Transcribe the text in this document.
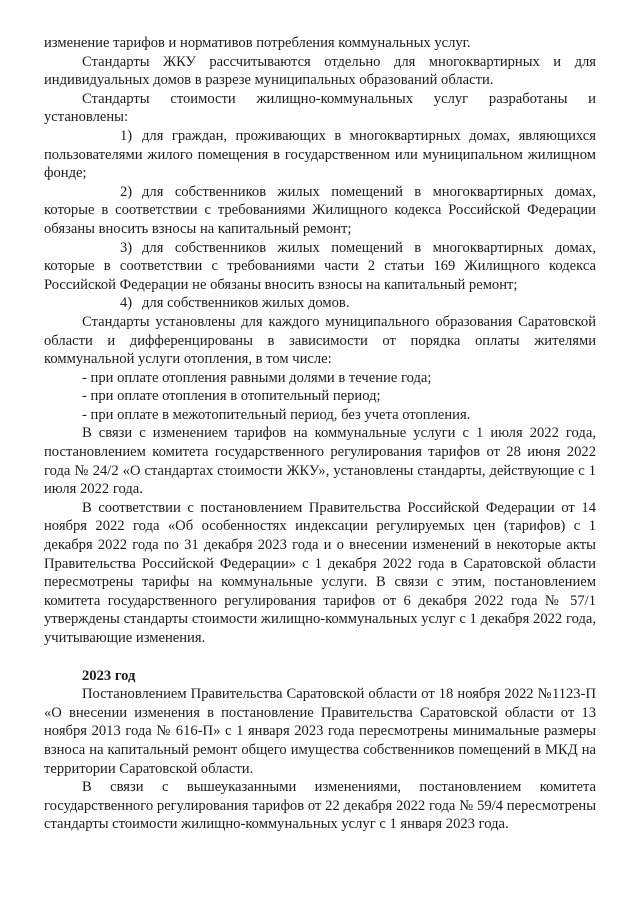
изменение тарифов и нормативов потребления коммунальных услуг.

Стандарты ЖКУ рассчитываются отдельно для многоквартирных и для индивидуальных домов в разрезе муниципальных образований области.

Стандарты стоимости жилищно-коммунальных услуг разработаны и установлены:

1) для граждан, проживающих в многоквартирных домах, являющихся пользователями жилого помещения в государственном или муниципальном жилищном фонде;

2) для собственников жилых помещений в многоквартирных домах, которые в соответствии с требованиями Жилищного кодекса Российской Федерации обязаны вносить взносы на капитальный ремонт;

3) для собственников жилых помещений в многоквартирных домах, которые в соответствии с требованиями части 2 статьи 169 Жилищного кодекса Российской Федерации не обязаны вносить взносы на капитальный ремонт;

4) для собственников жилых домов.

Стандарты установлены для каждого муниципального образования Саратовской области и дифференцированы в зависимости от порядка оплаты жителями коммунальной услуги отопления, в том числе:

- при оплате отопления равными долями в течение года;

- при оплате отопления в отопительный период;

- при оплате в межотопительный период, без учета отопления.

В связи с изменением тарифов на коммунальные услуги с 1 июля 2022 года, постановлением комитета государственного регулирования тарифов от 28 июня 2022 года № 24/2 «О стандартах стоимости ЖКУ», установлены стандарты, действующие с 1 июля 2022 года.

В соответствии с постановлением Правительства Российской Федерации от 14 ноября 2022 года «Об особенностях индексации регулируемых цен (тарифов) с 1 декабря 2022 года по 31 декабря 2023 года и о внесении изменений в некоторые акты Правительства Российской Федерации» с 1 декабря 2022 года в Саратовской области пересмотрены тарифы на коммунальные услуги. В связи с этим, постановлением комитета государственного регулирования тарифов от 6 декабря 2022 года № 57/1 утверждены стандарты стоимости жилищно-коммунальных услуг с 1 декабря 2022 года, учитывающие изменения.

2023 год

Постановлением Правительства Саратовской области от 18 ноября 2022 №1123-П «О внесении изменения в постановление Правительства Саратовской области от 13 ноября 2013 года № 616-П» с 1 января 2023 года пересмотрены минимальные размеры взноса на капитальный ремонт общего имущества собственников помещений в МКД на территории Саратовской области.

В связи с вышеуказанными изменениями, постановлением комитета государственного регулирования тарифов от 22 декабря 2022 года № 59/4 пересмотрены стандарты стоимости жилищно-коммунальных услуг с 1 января 2023 года.
